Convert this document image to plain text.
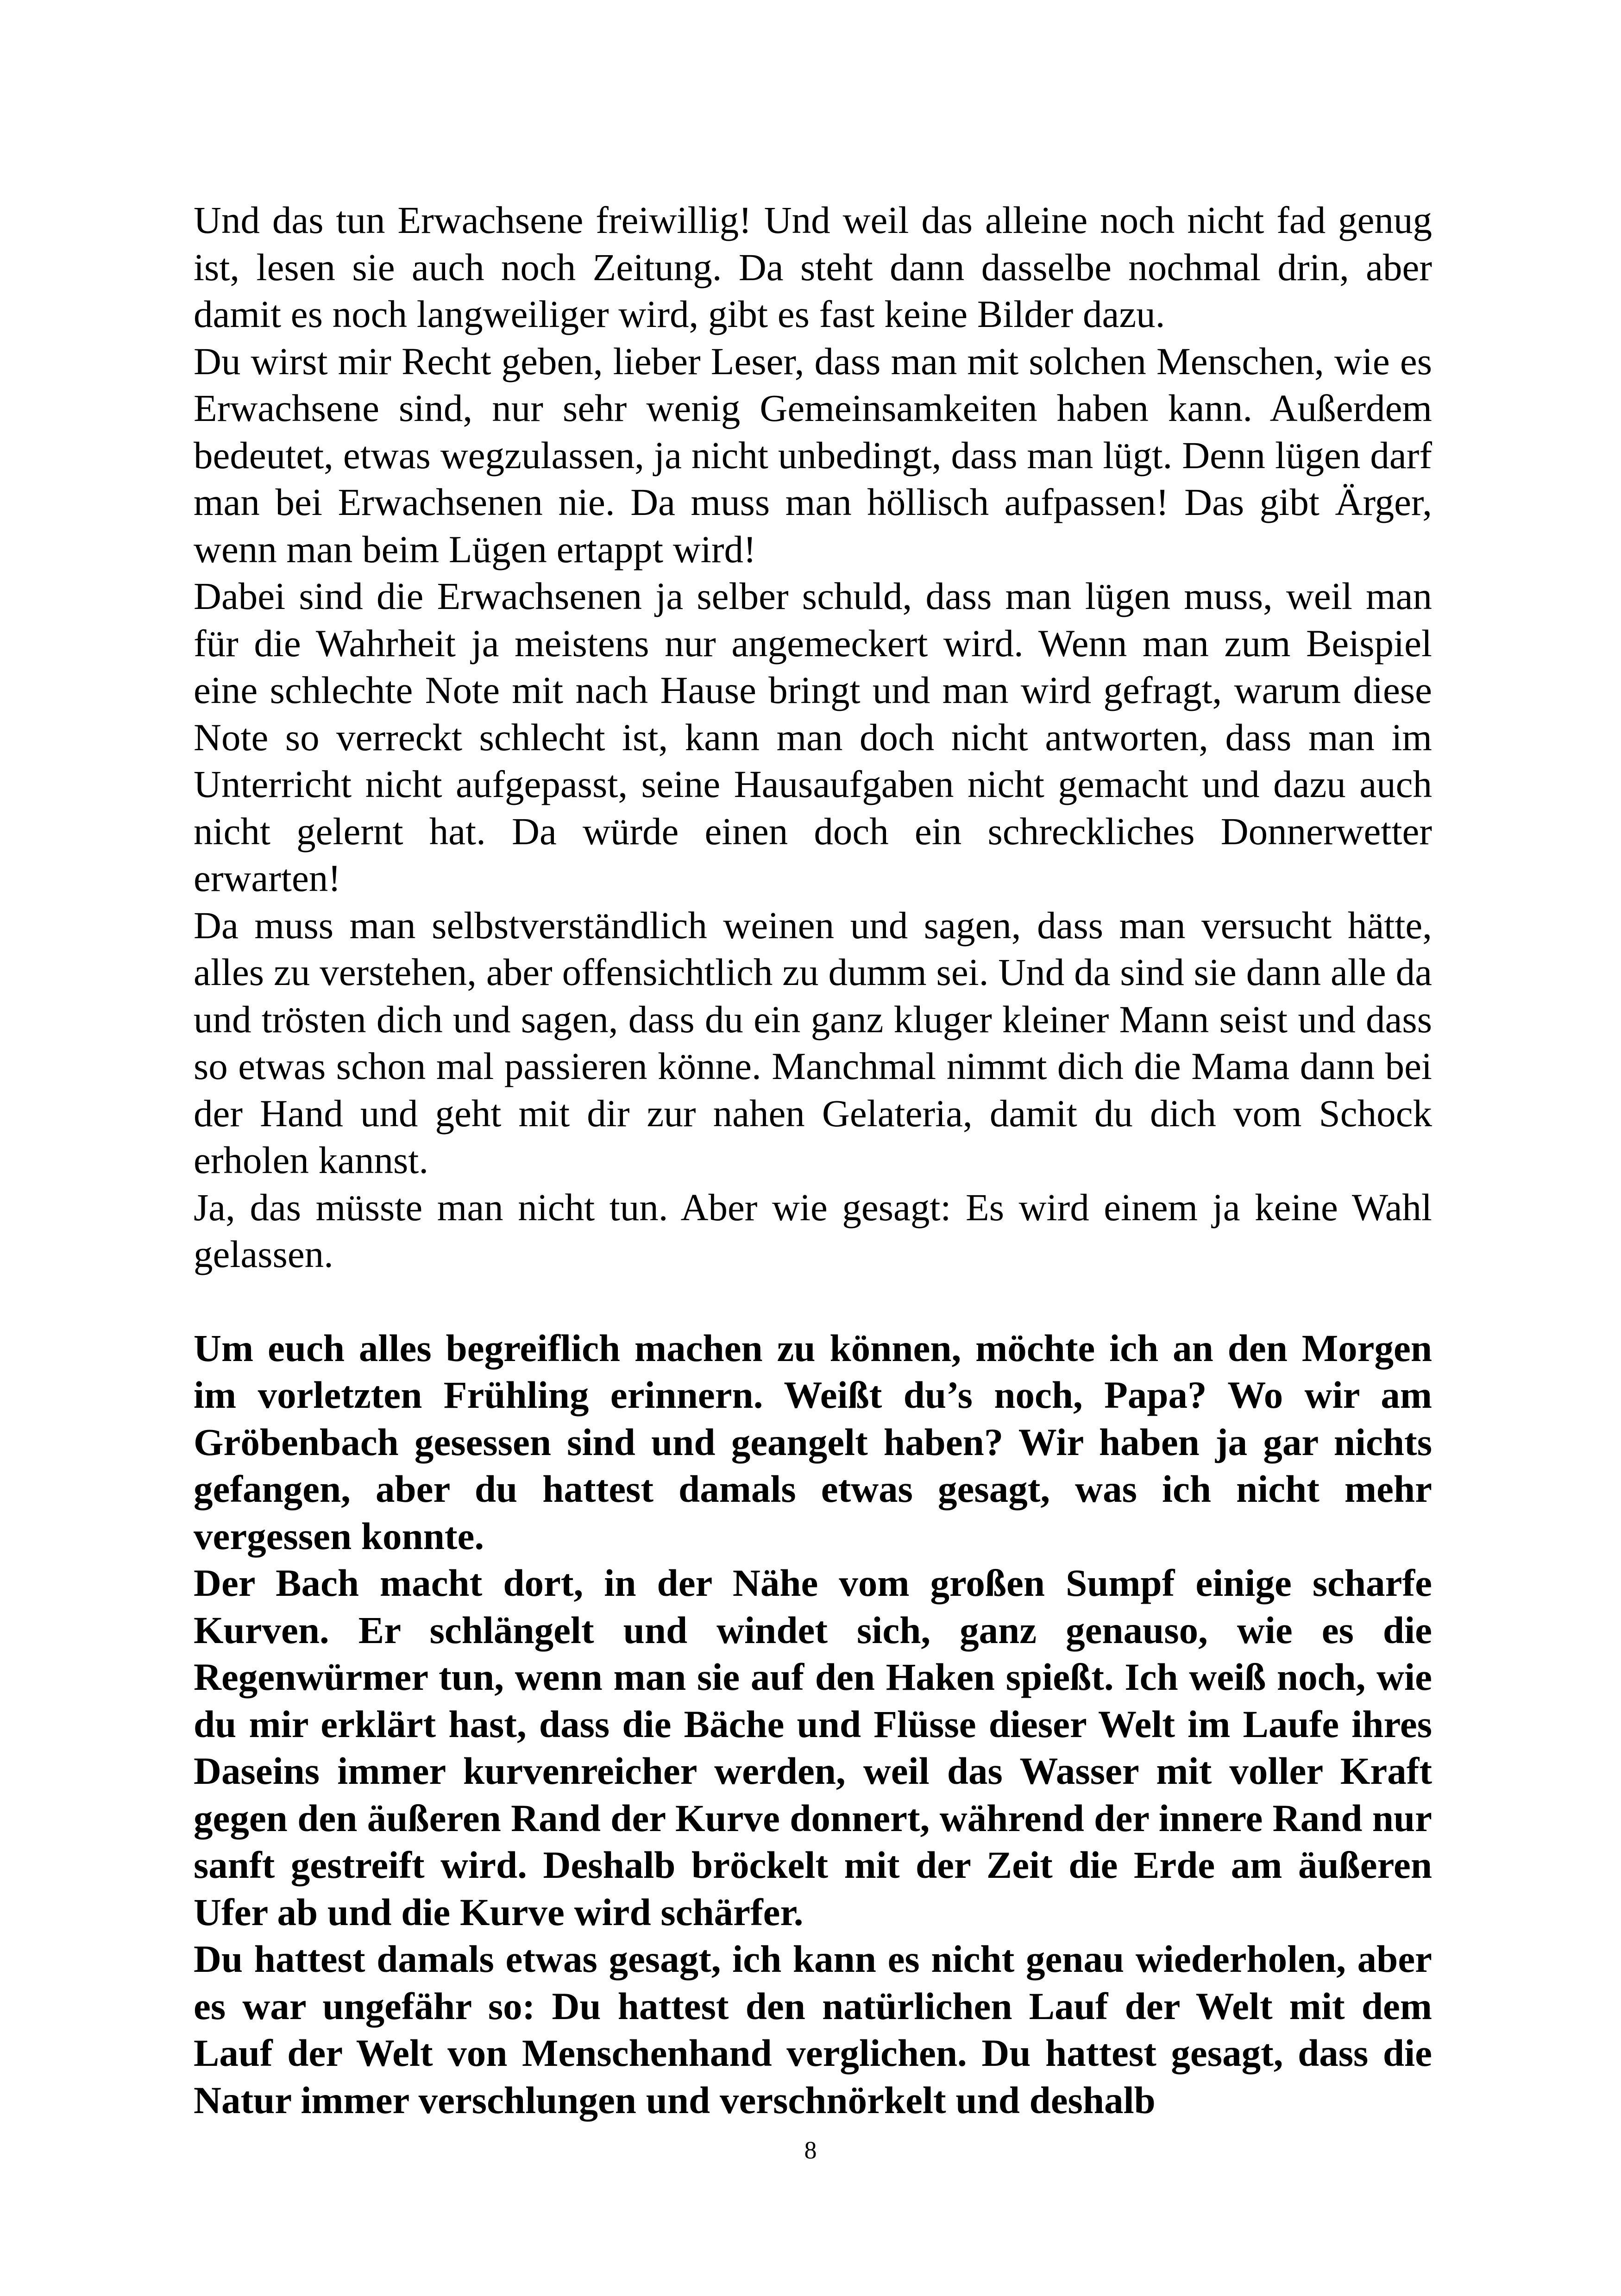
Und das tun Erwachsene freiwillig! Und weil das alleine noch nicht fad genug ist, lesen sie auch noch Zeitung. Da steht dann dasselbe nochmal drin, aber damit es noch langweiliger wird, gibt es fast keine Bilder dazu.

Du wirst mir Recht geben, lieber Leser, dass man mit solchen Menschen, wie es Erwachsene sind, nur sehr wenig Gemeinsamkeiten haben kann. Außerdem bedeutet, etwas wegzulassen, ja nicht unbedingt, dass man lügt. Denn lügen darf man bei Erwachsenen nie. Da muss man höllisch aufpassen! Das gibt Ärger, wenn man beim Lügen ertappt wird!

Dabei sind die Erwachsenen ja selber schuld, dass man lügen muss, weil man für die Wahrheit ja meistens nur angemeckert wird. Wenn man zum Beispiel eine schlechte Note mit nach Hause bringt und man wird gefragt, warum diese Note so verreckt schlecht ist, kann man doch nicht antworten, dass man im Unterricht nicht aufgepasst, seine Hausaufgaben nicht gemacht und dazu auch nicht gelernt hat. Da würde einen doch ein schreckliches Donnerwetter erwarten!

Da muss man selbstverständlich weinen und sagen, dass man versucht hätte, alles zu verstehen, aber offensichtlich zu dumm sei. Und da sind sie dann alle da und trösten dich und sagen, dass du ein ganz kluger kleiner Mann seist und dass so etwas schon mal passieren könne. Manchmal nimmt dich die Mama dann bei der Hand und geht mit dir zur nahen Gelateria, damit du dich vom Schock erholen kannst.

Ja, das müsste man nicht tun. Aber wie gesagt: Es wird einem ja keine Wahl gelassen.

Um euch alles begreiflich machen zu können, möchte ich an den Morgen im vorletzten Frühling erinnern. Weißt du’s noch, Papa? Wo wir am Gröbenbach gesessen sind und geangelt haben? Wir haben ja gar nichts gefangen, aber du hattest damals etwas gesagt, was ich nicht mehr vergessen konnte.

Der Bach macht dort, in der Nähe vom großen Sumpf einige scharfe Kurven. Er schlängelt und windet sich, ganz genauso, wie es die Regenwürmer tun, wenn man sie auf den Haken spießt. Ich weiß noch, wie du mir erklärt hast, dass die Bäche und Flüsse dieser Welt im Laufe ihres Daseins immer kurvenreicher werden, weil das Wasser mit voller Kraft gegen den äußeren Rand der Kurve donnert, während der innere Rand nur sanft gestreift wird. Deshalb bröckelt mit der Zeit die Erde am äußeren Ufer ab und die Kurve wird schärfer.

Du hattest damals etwas gesagt, ich kann es nicht genau wiederholen, aber es war ungefähr so: Du hattest den natürlichen Lauf der Welt mit dem Lauf der Welt von Menschenhand verglichen. Du hattest gesagt, dass die Natur immer verschlungen und verschnörkelt und deshalb

8
